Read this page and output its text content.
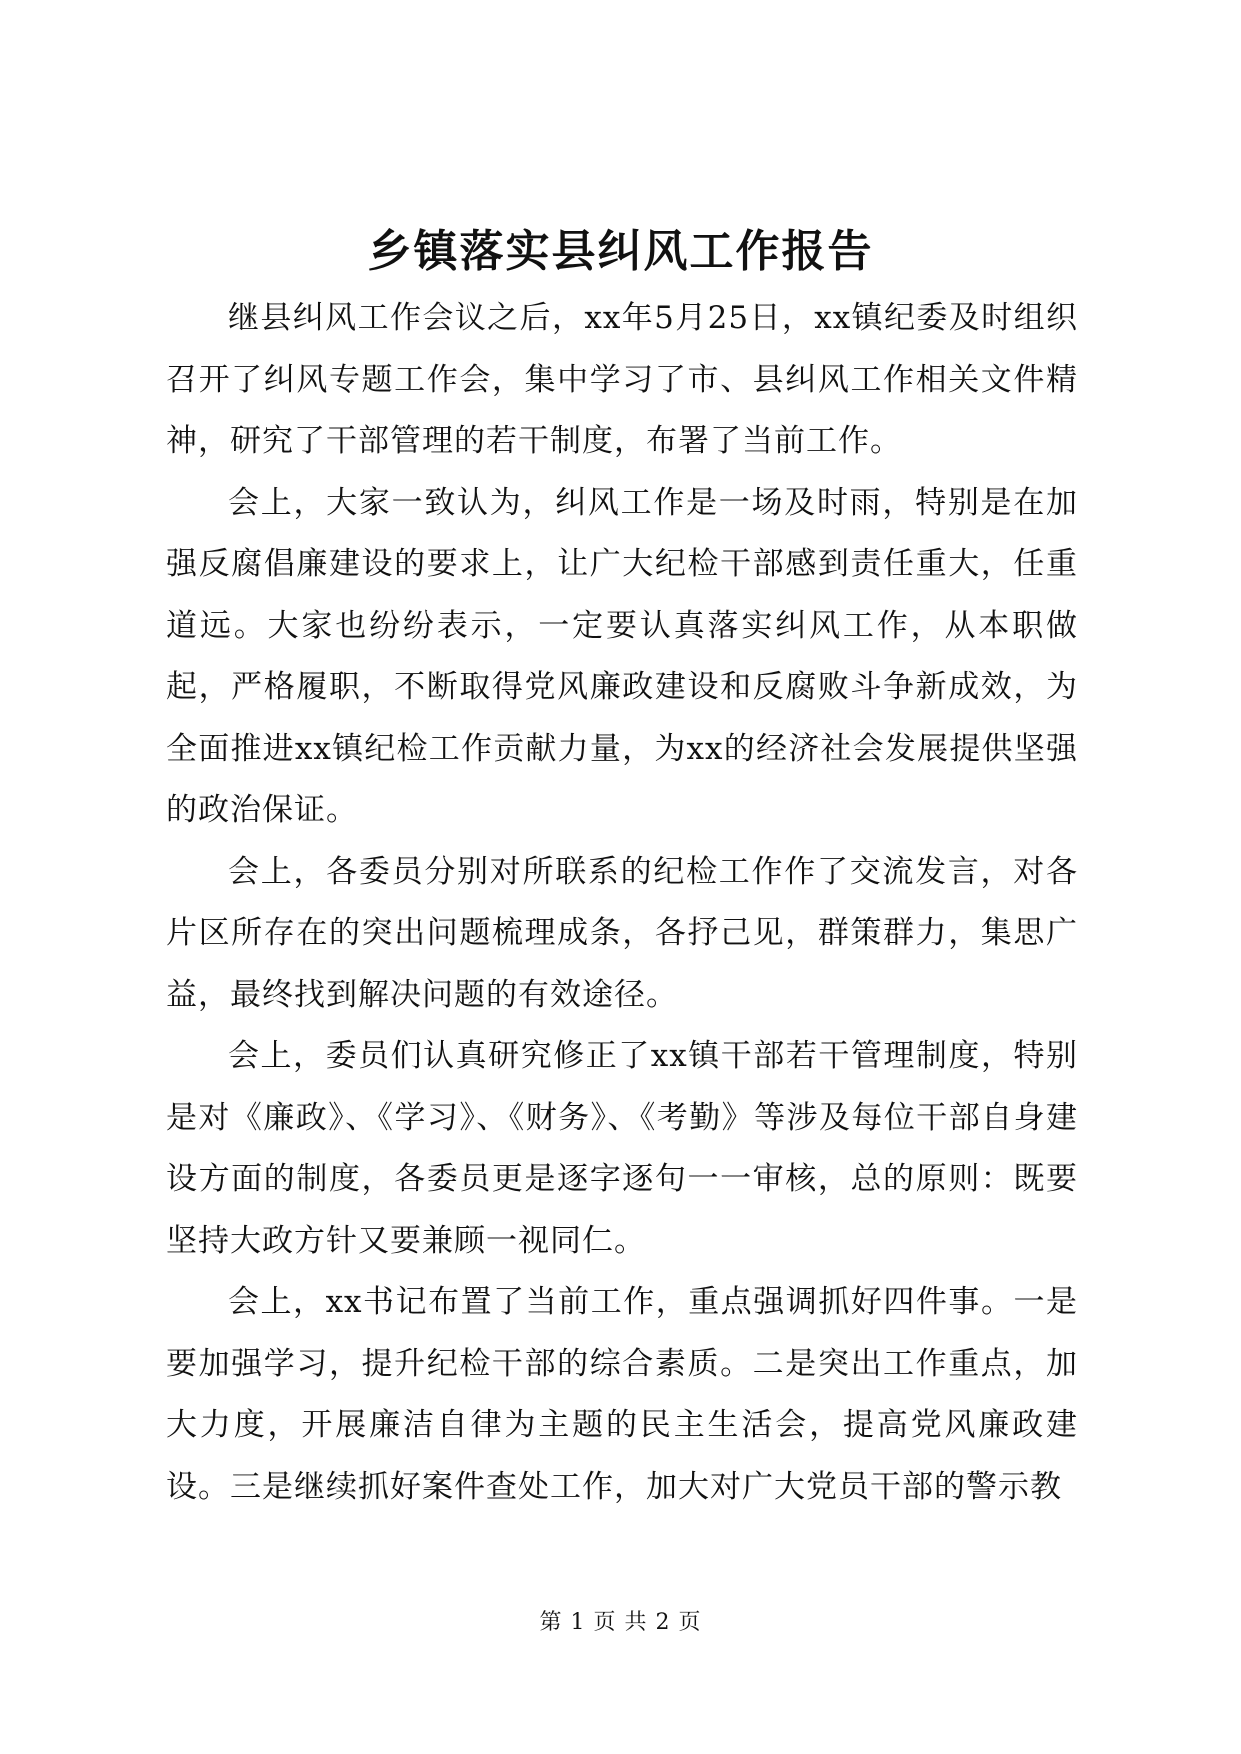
乡镇落实县纠风工作报告

继县纠风工作会议之后，xx年5月25日，xx镇纪委及时组织召开了纠风专题工作会，集中学习了市、县纠风工作相关文件精神，研究了干部管理的若干制度，布署了当前工作。

会上，大家一致认为，纠风工作是一场及时雨，特别是在加强反腐倡廉建设的要求上，让广大纪检干部感到责任重大，任重道远。大家也纷纷表示，一定要认真落实纠风工作，从本职做起，严格履职，不断取得党风廉政建设和反腐败斗争新成效，为全面推进xx镇纪检工作贡献力量，为xx的经济社会发展提供坚强的政治保证。

会上，各委员分别对所联系的纪检工作作了交流发言，对各片区所存在的突出问题梳理成条，各抒己见，群策群力，集思广益，最终找到解决问题的有效途径。

会上，委员们认真研究修正了xx镇干部若干管理制度，特别是对《廉政》、《学习》、《财务》、《考勤》等涉及每位干部自身建设方面的制度，各委员更是逐字逐句一一审核，总的原则：既要坚持大政方针又要兼顾一视同仁。

会上，xx书记布置了当前工作，重点强调抓好四件事。一是要加强学习，提升纪检干部的综合素质。二是突出工作重点，加大力度，开展廉洁自律为主题的民主生活会，提高党风廉政建设。三是继续抓好案件查处工作，加大对广大党员干部的警示教

第 1 页 共 2 页
